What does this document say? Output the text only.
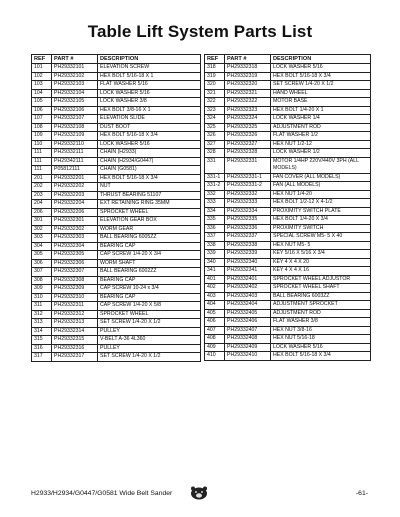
Table Lift System Parts List
REF	PART #	DESCRIPTION
101	PH29332101	ELEVATION SCREW
102	PH29332102	HEX BOLT 5/16-18 X 1
103	PH29332103	FLAT WASHER 5/16
104	PH29332104	LOCK WASHER 5/16
105	PH29332105	LOCK WASHER 3/8
106	PH29332106	HEX BOLT 3/8-16 X 1
107	PH29332107	ELEVATION SLIDE
108	PH29332108	DUST BOOT
109	PH29332109	HEX BOLT 5/16-18 X 3/4
110	PH29332110	LOCK WASHER 5/16
111	PH29332111	CHAIN (H2933)
111	PH29342111	CHAIN (H2934/G0447)
111	P05812111	CHAIN (G0581)
201	PH29332201	HEX BOLT 5/16-18 X 3/4
202	PH29332202	NUT
203	PH29332203	THRUST BEARING 51107
204	PH29332204	EXT RETAINING RING 35MM
206	PH29332206	SPROCKET WHEEL
301	PH29332301	ELEVATION GEAR BOX
302	PH29332302	WORM GEAR
303	PH29332303	BALL BEARING 6005ZZ
304	PH29332304	BEARING CAP
305	PH29332305	CAP SCREW 1/4-20 X 3/4
306	PH29332306	WORM SHAFT
307	PH29332307	BALL BEARING 6002ZZ
308	PH29332308	BEARING CAP
309	PH29332309	CAP SCREW 10-24 x 3/4
310	PH29332310	BEARING CAP
311	PH29332311	CAP SCREW 1/4-20 X 5/8
312	PH29332312	SPROCKET WHEEL
313	PH29332313	SET SCREW 1/4-20 X 1/2
314	PH29332314	PULLEY
315	PH29332315	V-BELT A-36 4L360
316	PH29332316	PULLEY
317	PH29332317	SET SCREW 1/4-20 X 1/2
REF	PART #	DESCRIPTION
318	PH29332318	LOCK WASHER 5/16
319	PH29332319	HEX BOLT 5/16-18 X 3/4
320	PH29332320	SET SCREW 1/4-20 X 1/2
321	PH29332321	HAND WHEEL
322	PH29332322	MOTOR BASE
323	PH29332323	HEX BOLT 1/4-20 X 1
324	PH29332324	LOCK WASHER 1/4
325	PH29332325	ADJUSTMENT ROD
326	PH29332326	FLAT WASHER 1/2
327	PH29332327	HEX NUT 1/2-12
328	PH29332328	LOCK WASHER 1/2
331	PH29332331	MOTOR 1/4HP 220V/440V 3PH (ALL MODELS)
331-1	PH29332331-1	FAN COVER (ALL MODELS)
331-2	PH29332331-2	FAN (ALL MODELS)
332	PH29332332	HEX NUT 1/4-20
333	PH29332333	HEX BOLT 1/2-12 X 4-1/2
334	PH29332334	PROXIMITY SWITCH PLATE
335	PH29332335	HEX BOLT 1/4-20 X 3/4
336	PH29332336	PROXIMITY SWITCH
337	PH29332337	SPECIAL SCREW M5- 5 X 40
338	PH29332338	HEX NUT M5- 5
339	PH29332339	KEY 5/16 X 5/16 X 3/4
340	PH29332340	KEY 4 X 4 X 20
341	PH29332341	KEY 4 X 4 X 16
401	PH29332401	SPROCKET WHEEL ADJUSTOR
402	PH29332402	SPROCKET WHEEL SHAFT
403	PH29332403	BALL BEARING 6003ZZ
404	PH29332404	ADJUSTMENT SPROCKET
405	PH29332405	ADJUSTMENT ROD
406	PH29332406	FLAT WASHER 3/8
407	PH29332407	HEX NUT 3/8-16
408	PH29332408	HEX NUT 5/16-18
409	PH29332409	LOCK WASHER 5/16
410	PH29332410	HEX BOLT 5/16-18 X 3/4
H2933/H2934/G0447/G0581 Wide Belt Sander	-61-
